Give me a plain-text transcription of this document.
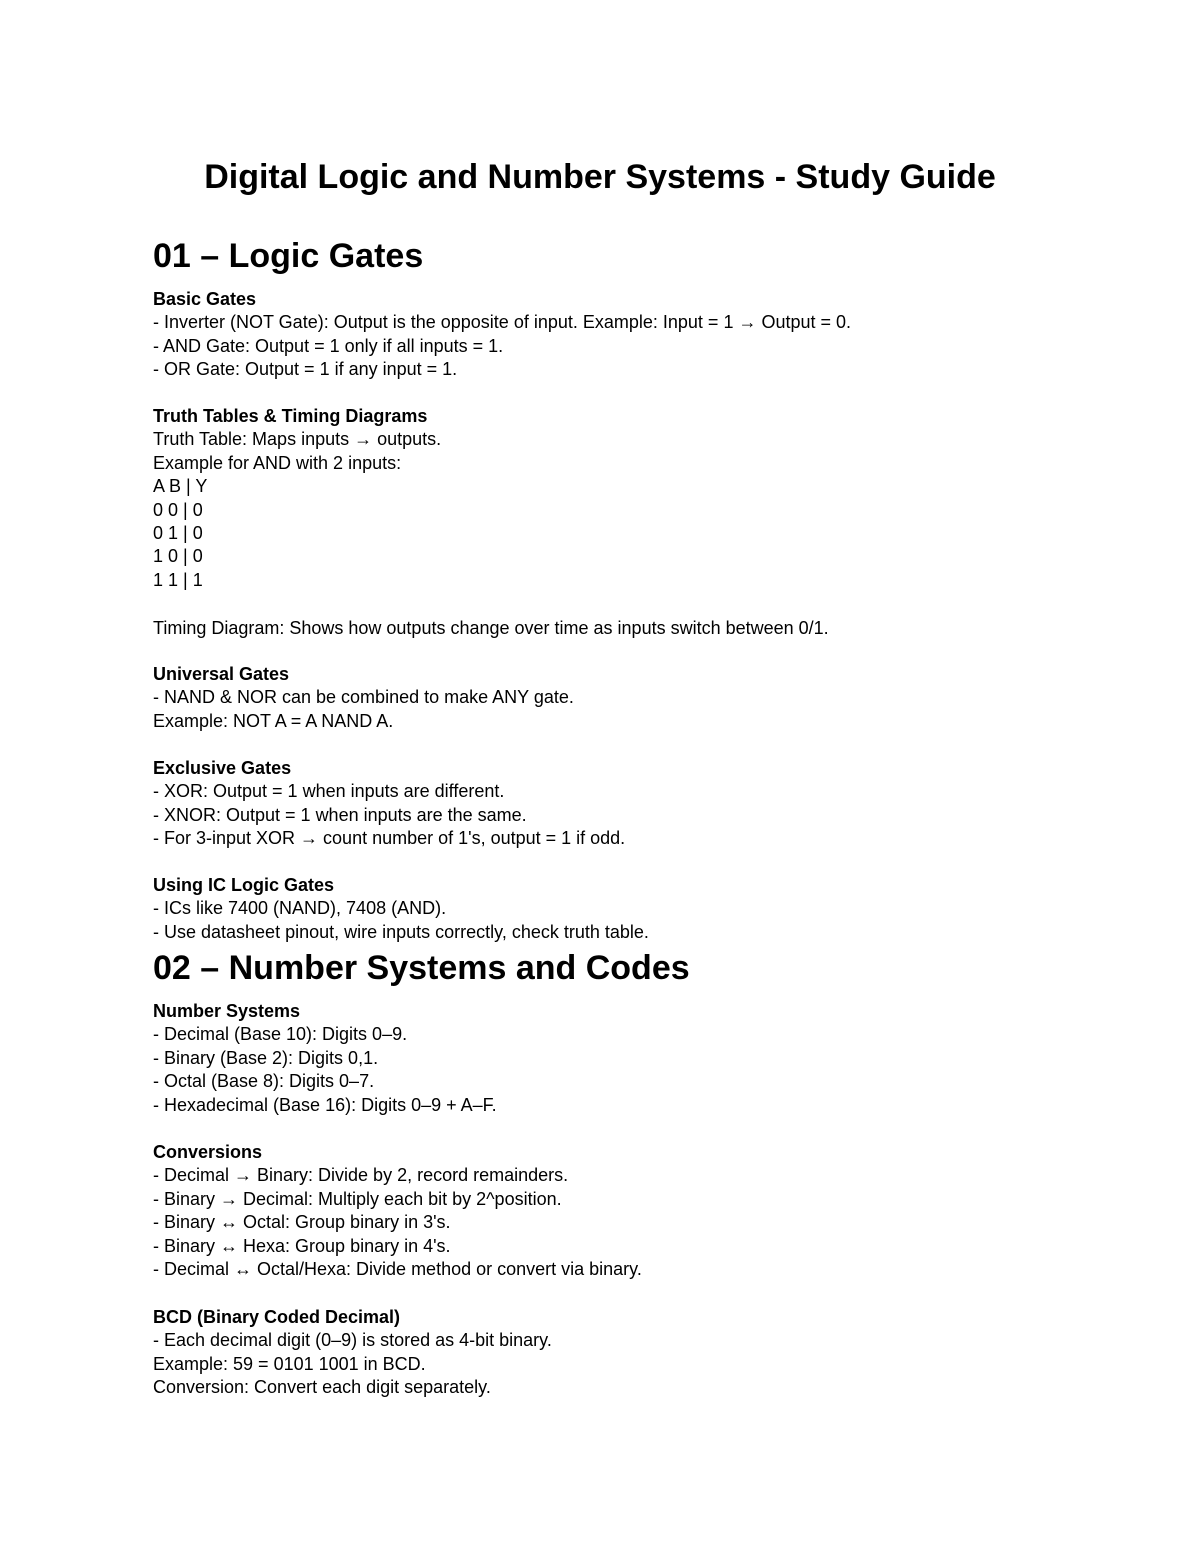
Digital Logic and Number Systems - Study Guide
01 – Logic Gates
Basic Gates
- Inverter (NOT Gate): Output is the opposite of input. Example: Input = 1 → Output = 0.
- AND Gate: Output = 1 only if all inputs = 1.
- OR Gate: Output = 1 if any input = 1.
Truth Tables & Timing Diagrams
Truth Table: Maps inputs → outputs.
Example for AND with 2 inputs:
A B | Y
0 0 | 0
0 1 | 0
1 0 | 0
1 1 | 1
Timing Diagram: Shows how outputs change over time as inputs switch between 0/1.
Universal Gates
- NAND & NOR can be combined to make ANY gate.
Example: NOT A = A NAND A.
Exclusive Gates
- XOR: Output = 1 when inputs are different.
- XNOR: Output = 1 when inputs are the same.
- For 3-input XOR → count number of 1's, output = 1 if odd.
Using IC Logic Gates
- ICs like 7400 (NAND), 7408 (AND).
- Use datasheet pinout, wire inputs correctly, check truth table.
02 – Number Systems and Codes
Number Systems
- Decimal (Base 10): Digits 0–9.
- Binary (Base 2): Digits 0,1.
- Octal (Base 8): Digits 0–7.
- Hexadecimal (Base 16): Digits 0–9 + A–F.
Conversions
- Decimal → Binary: Divide by 2, record remainders.
- Binary → Decimal: Multiply each bit by 2^position.
- Binary ↔ Octal: Group binary in 3's.
- Binary ↔ Hexa: Group binary in 4's.
- Decimal ↔ Octal/Hexa: Divide method or convert via binary.
BCD (Binary Coded Decimal)
- Each decimal digit (0–9) is stored as 4-bit binary.
Example: 59 = 0101 1001 in BCD.
Conversion: Convert each digit separately.
